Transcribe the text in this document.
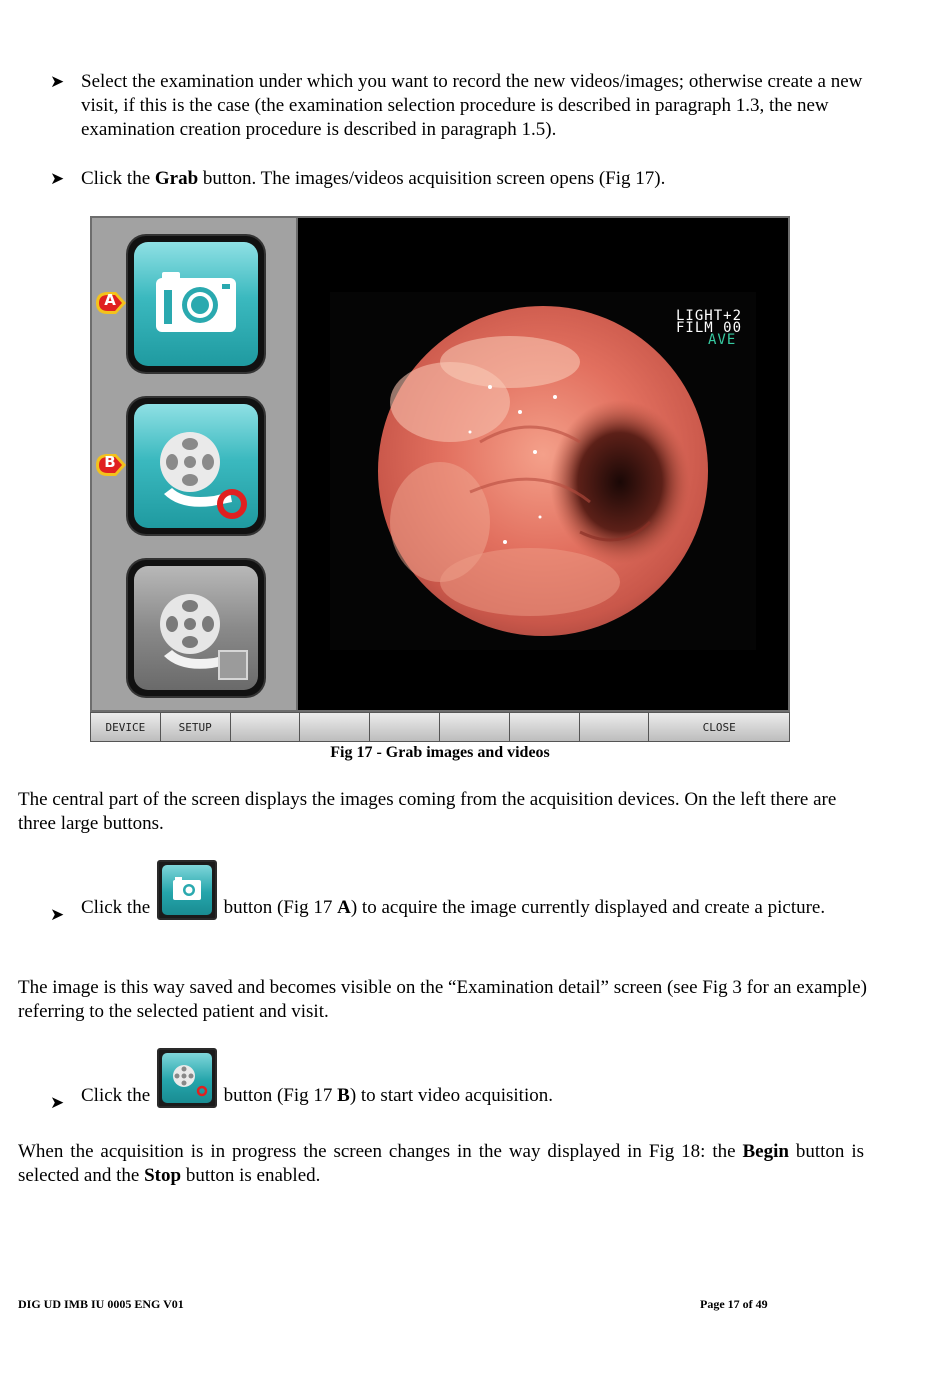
➤ Select the examination under which you want to record the new videos/images; otherwise create a new visit, if this is the case (the examination selection procedure is described in paragraph 1.3, the new examination creation procedure is described in paragraph 1.5).
➤ Click the Grab button. The images/videos acquisition screen opens (Fig 17).
A
B
LIGHT+2
FILM 00
AVE
DEVICE	SETUP	CLOSE
Fig 17 - Grab images and videos
The central part of the screen displays the images coming from the acquisition devices. On the left there are three large buttons.
➤ Click the	button (Fig 17 A) to acquire the image currently displayed and create a picture.
The image is this way saved and becomes visible on the “Examination detail” screen (see Fig 3 for an example) referring to the selected patient and visit.
➤ Click the	button (Fig 17 B) to start video acquisition.
When the acquisition is in progress the screen changes in the way displayed in Fig 18: the Begin button is selected and the Stop button is enabled.
DIG UD IMB IU 0005 ENG V01	Page 17 of 49
